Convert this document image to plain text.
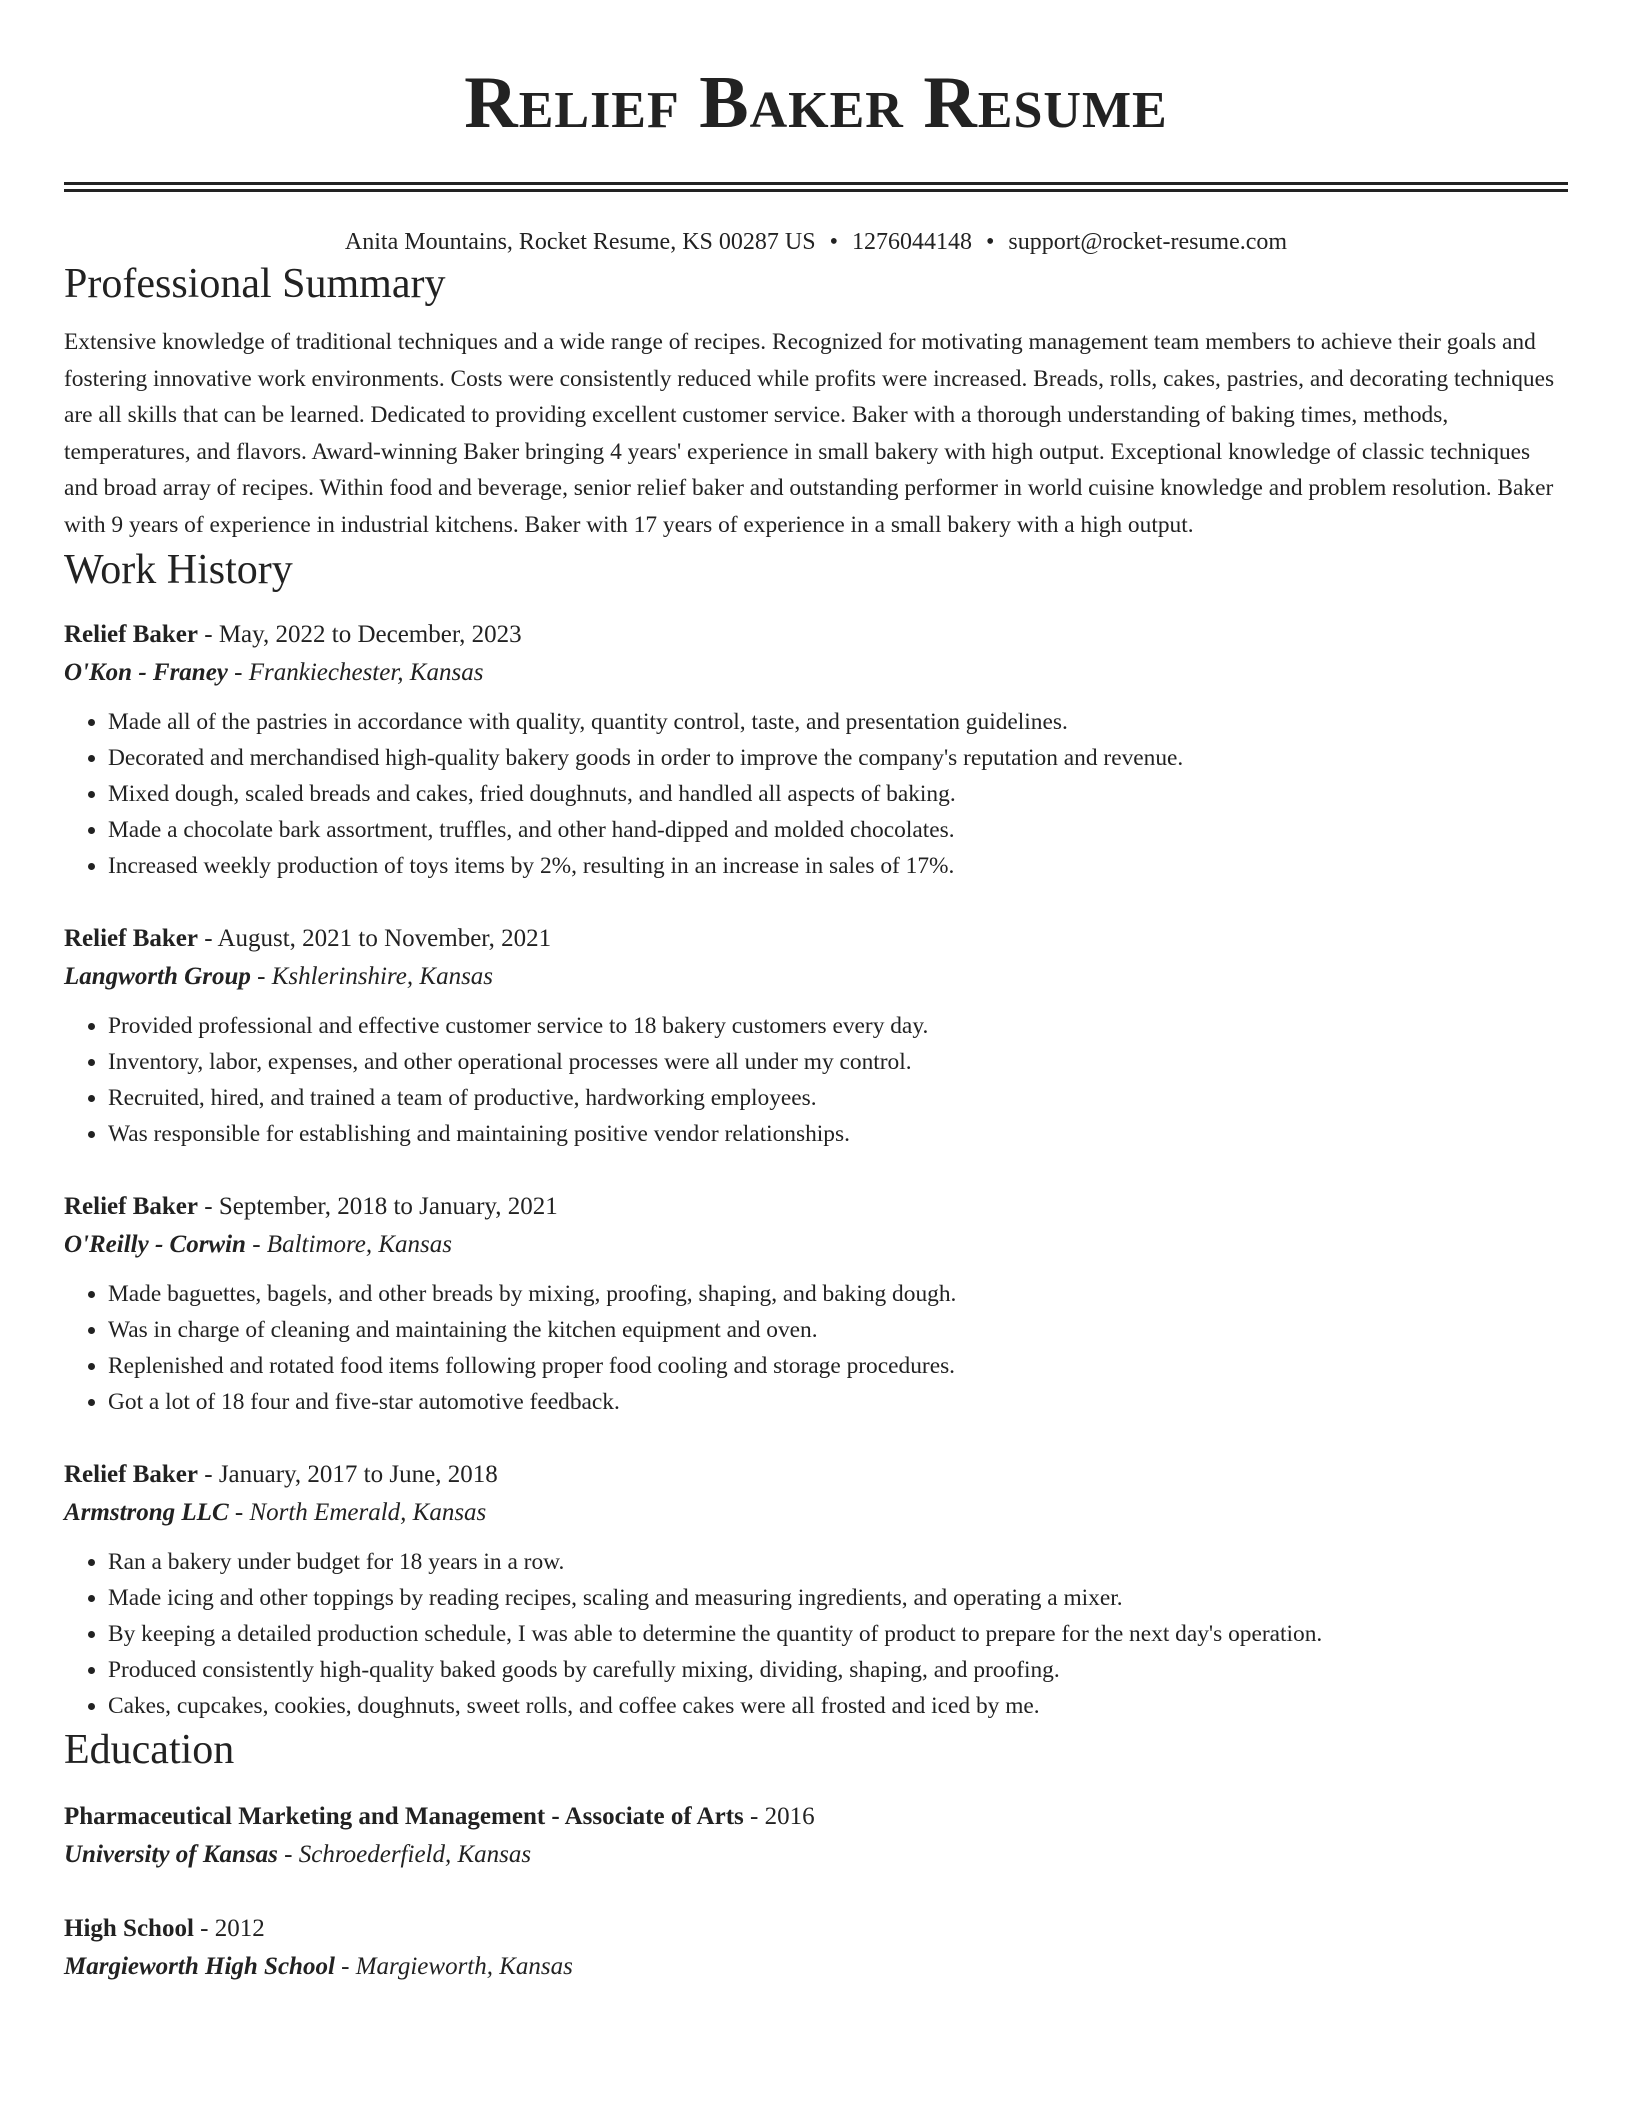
Relief Baker Resume
Anita Mountains, Rocket Resume, KS 00287 US • 1276044148 • support@rocket-resume.com
Professional Summary
Extensive knowledge of traditional techniques and a wide range of recipes. Recognized for motivating management team members to achieve their goals and fostering innovative work environments. Costs were consistently reduced while profits were increased. Breads, rolls, cakes, pastries, and decorating techniques are all skills that can be learned. Dedicated to providing excellent customer service. Baker with a thorough understanding of baking times, methods, temperatures, and flavors. Award-winning Baker bringing 4 years' experience in small bakery with high output. Exceptional knowledge of classic techniques and broad array of recipes. Within food and beverage, senior relief baker and outstanding performer in world cuisine knowledge and problem resolution. Baker with 9 years of experience in industrial kitchens. Baker with 17 years of experience in a small bakery with a high output.
Work History
Relief Baker - May, 2022 to December, 2023
O'Kon - Franey - Frankiechester, Kansas
• Made all of the pastries in accordance with quality, quantity control, taste, and presentation guidelines.
• Decorated and merchandised high-quality bakery goods in order to improve the company's reputation and revenue.
• Mixed dough, scaled breads and cakes, fried doughnuts, and handled all aspects of baking.
• Made a chocolate bark assortment, truffles, and other hand-dipped and molded chocolates.
• Increased weekly production of toys items by 2%, resulting in an increase in sales of 17%.
Relief Baker - August, 2021 to November, 2021
Langworth Group - Kshlerinshire, Kansas
• Provided professional and effective customer service to 18 bakery customers every day.
• Inventory, labor, expenses, and other operational processes were all under my control.
• Recruited, hired, and trained a team of productive, hardworking employees.
• Was responsible for establishing and maintaining positive vendor relationships.
Relief Baker - September, 2018 to January, 2021
O'Reilly - Corwin - Baltimore, Kansas
• Made baguettes, bagels, and other breads by mixing, proofing, shaping, and baking dough.
• Was in charge of cleaning and maintaining the kitchen equipment and oven.
• Replenished and rotated food items following proper food cooling and storage procedures.
• Got a lot of 18 four and five-star automotive feedback.
Relief Baker - January, 2017 to June, 2018
Armstrong LLC - North Emerald, Kansas
• Ran a bakery under budget for 18 years in a row.
• Made icing and other toppings by reading recipes, scaling and measuring ingredients, and operating a mixer.
• By keeping a detailed production schedule, I was able to determine the quantity of product to prepare for the next day's operation.
• Produced consistently high-quality baked goods by carefully mixing, dividing, shaping, and proofing.
• Cakes, cupcakes, cookies, doughnuts, sweet rolls, and coffee cakes were all frosted and iced by me.
Education
Pharmaceutical Marketing and Management - Associate of Arts - 2016
University of Kansas - Schroederfield, Kansas
High School - 2012
Margieworth High School - Margieworth, Kansas
